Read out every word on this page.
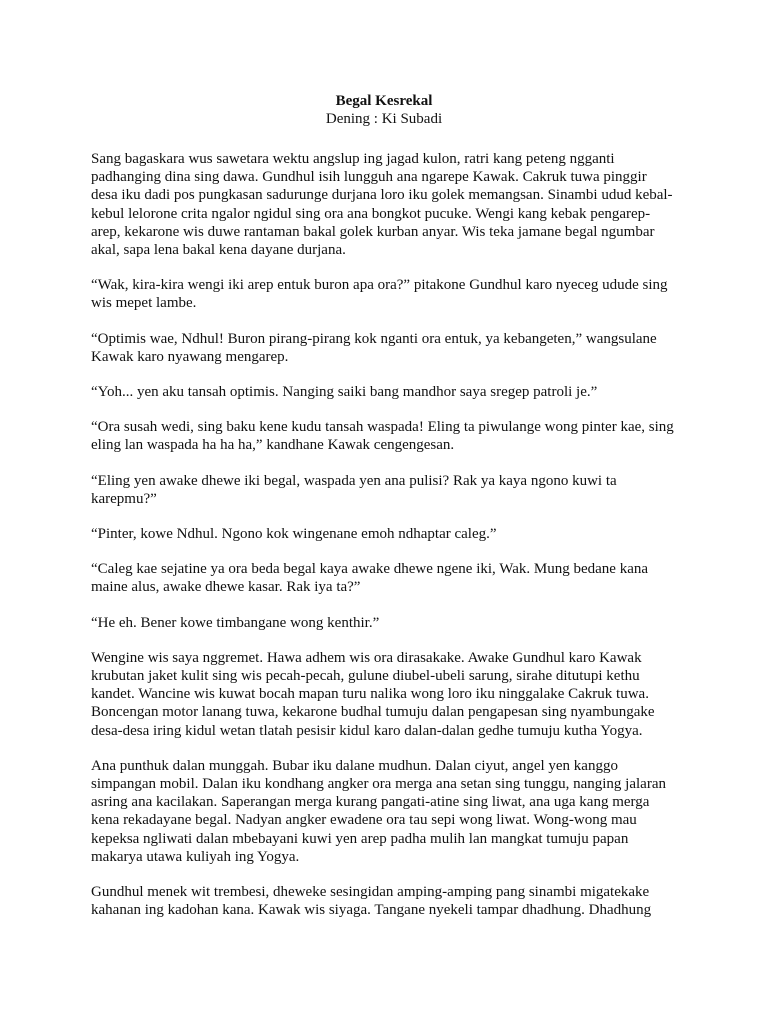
Begal Kesrekal
Dening : Ki Subadi
Sang bagaskara wus sawetara wektu angslup ing jagad kulon, ratri kang peteng ngganti
padhanging dina sing dawa. Gundhul isih lungguh ana ngarepe Kawak. Cakruk tuwa pinggir
desa iku dadi pos pungkasan sadurunge durjana loro iku golek memangsan. Sinambi udud kebal-
kebul lelorone crita ngalor ngidul sing ora ana bongkot pucuke. Wengi kang kebak pengarep-
arep, kekarone wis duwe rantaman bakal golek kurban anyar. Wis teka jamane begal ngumbar
akal, sapa lena bakal kena dayane durjana.
“Wak, kira-kira wengi iki arep entuk buron apa ora?” pitakone Gundhul karo nyeceg udude sing
wis mepet lambe.
“Optimis wae, Ndhul! Buron pirang-pirang kok nganti ora entuk, ya kebangeten,” wangsulane
Kawak karo nyawang mengarep.
“Yoh... yen aku tansah optimis. Nanging saiki bang mandhor saya sregep patroli je.”
“Ora susah wedi, sing baku kene kudu tansah waspada! Eling ta piwulange wong pinter kae, sing
eling lan waspada ha ha ha,” kandhane Kawak cengengesan.
“Eling yen awake dhewe iki begal, waspada yen ana pulisi? Rak ya kaya ngono kuwi ta
karepmu?”
“Pinter, kowe Ndhul. Ngono kok wingenane emoh ndhaptar caleg.”
“Caleg kae sejatine ya ora beda begal kaya awake dhewe ngene iki, Wak. Mung bedane kana
maine alus, awake dhewe kasar. Rak iya ta?”
“He eh. Bener kowe timbangane wong kenthir.”
Wengine wis saya nggremet. Hawa adhem wis ora dirasakake. Awake Gundhul karo Kawak
krubutan jaket kulit sing wis pecah-pecah, gulune diubel-ubeli sarung, sirahe ditutupi kethu
kandet. Wancine wis kuwat bocah mapan turu nalika wong loro iku ninggalake Cakruk tuwa.
Boncengan motor lanang tuwa, kekarone budhal tumuju dalan pengapesan sing nyambungake
desa-desa iring kidul wetan tlatah pesisir kidul karo dalan-dalan gedhe tumuju kutha Yogya.
Ana punthuk dalan munggah. Bubar iku dalane mudhun. Dalan ciyut, angel yen kanggo
simpangan mobil. Dalan iku kondhang angker ora merga ana setan sing tunggu, nanging jalaran
asring ana kacilakan. Saperangan merga kurang pangati-atine sing liwat, ana uga kang merga
kena rekadayane begal. Nadyan angker ewadene ora tau sepi wong liwat. Wong-wong mau
kepeksa ngliwati dalan mbebayani kuwi yen arep padha mulih lan mangkat tumuju papan
makarya utawa kuliyah ing Yogya.
Gundhul menek wit trembesi, dheweke sesingidan amping-amping pang sinambi migatekake
kahanan ing kadohan kana. Kawak wis siyaga. Tangane nyekeli tampar dhadhung. Dhadhung
